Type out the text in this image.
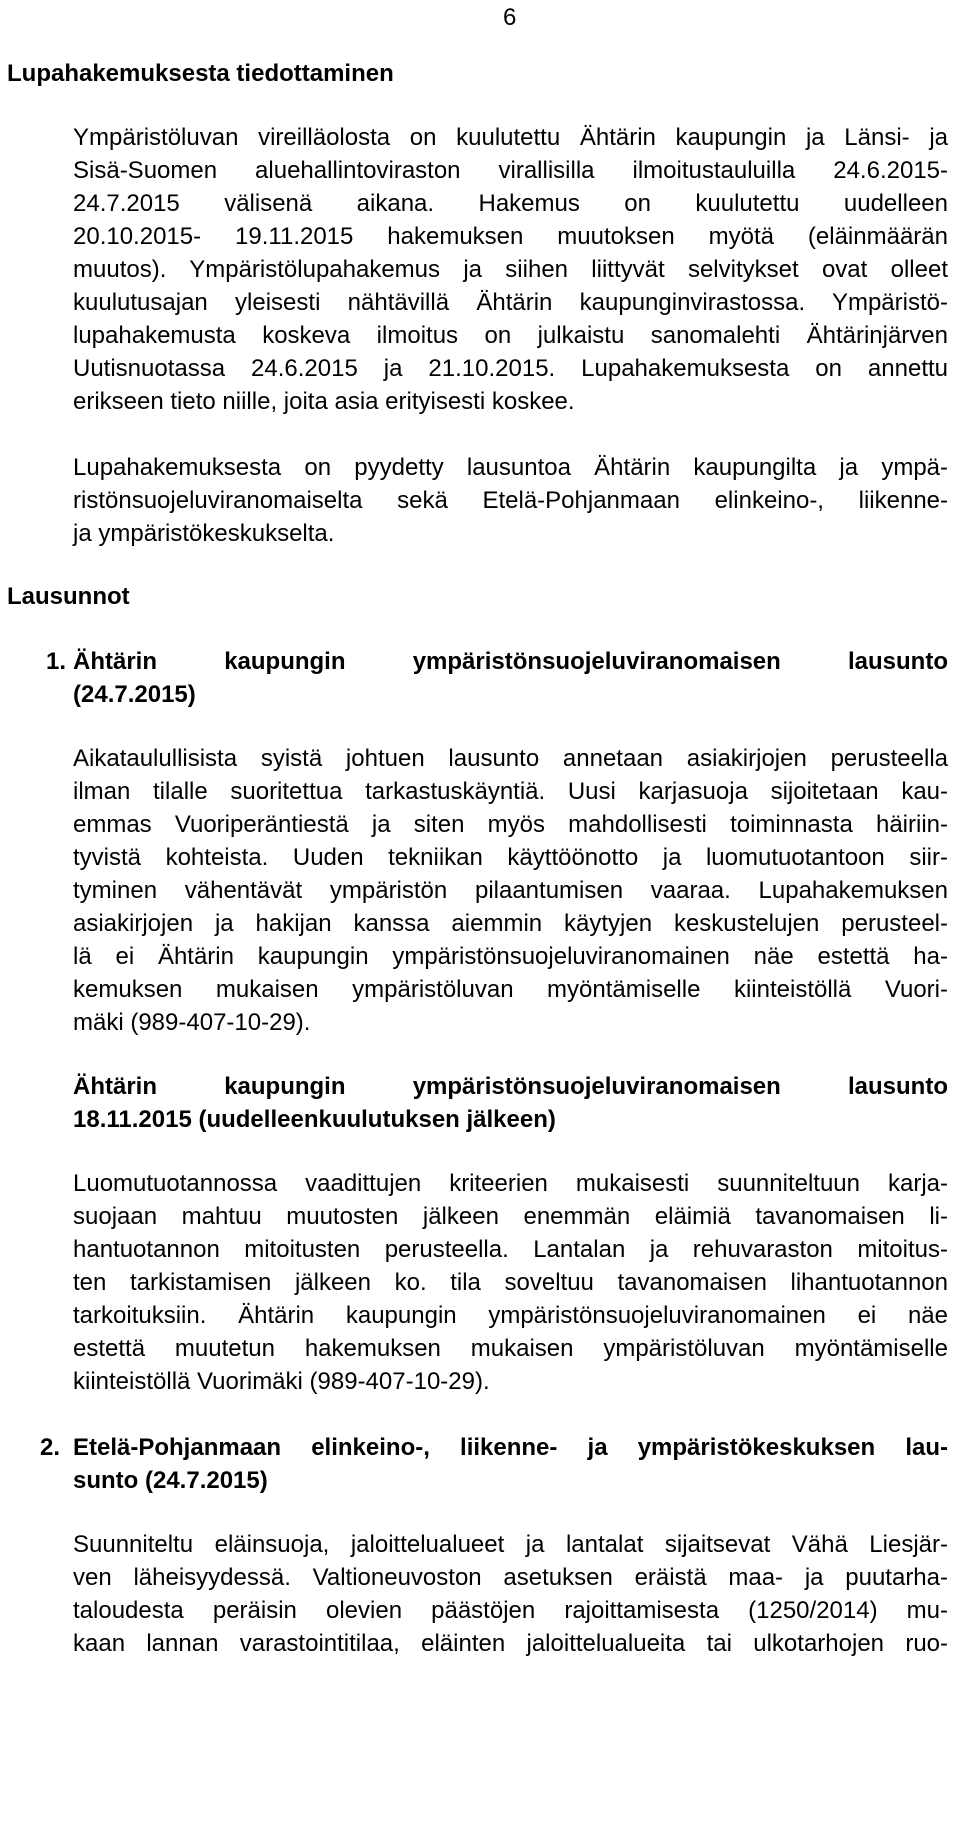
6
Lupahakemuksesta tiedottaminen
Ympäristöluvan vireilläolosta on kuulutettu Ähtärin kaupungin ja Länsi- ja
Sisä-Suomen aluehallintoviraston virallisilla ilmoitustauluilla 24.6.2015-
24.7.2015 välisenä aikana. Hakemus on kuulutettu uudelleen
20.10.2015- 19.11.2015 hakemuksen muutoksen myötä (eläinmäärän
muutos). Ympäristölupahakemus ja siihen liittyvät selvitykset ovat olleet
kuulutusajan yleisesti nähtävillä Ähtärin kaupunginvirastossa. Ympäristö-
lupahakemusta koskeva ilmoitus on julkaistu sanomalehti Ähtärinjärven
Uutisnuotassa 24.6.2015 ja 21.10.2015. Lupahakemuksesta on annettu
erikseen tieto niille, joita asia erityisesti koskee.
Lupahakemuksesta on pyydetty lausuntoa Ähtärin kaupungilta ja ympä-
ristönsuojeluviranomaiselta sekä Etelä-Pohjanmaan elinkeino-, liikenne-
ja ympäristökeskukselta.
Lausunnot
1. Ähtärin kaupungin ympäristönsuojeluviranomaisen lausunto
(24.7.2015)
Aikataulullisista syistä johtuen lausunto annetaan asiakirjojen perusteella
ilman tilalle suoritettua tarkastuskäyntiä. Uusi karjasuoja sijoitetaan kau-
emmas Vuoriperäntiestä ja siten myös mahdollisesti toiminnasta häiriin-
tyvistä kohteista. Uuden tekniikan käyttöönotto ja luomutuotantoon siir-
tyminen vähentävät ympäristön pilaantumisen vaaraa. Lupahakemuksen
asiakirjojen ja hakijan kanssa aiemmin käytyjen keskustelujen perusteel-
lä ei Ähtärin kaupungin ympäristönsuojeluviranomainen näe estettä ha-
kemuksen mukaisen ympäristöluvan myöntämiselle kiinteistöllä Vuori-
mäki (989-407-10-29).
Ähtärin kaupungin ympäristönsuojeluviranomaisen lausunto
18.11.2015 (uudelleenkuulutuksen jälkeen)
Luomutuotannossa vaadittujen kriteerien mukaisesti suunniteltuun karja-
suojaan mahtuu muutosten jälkeen enemmän eläimiä tavanomaisen li-
hantuotannon mitoitusten perusteella. Lantalan ja rehuvaraston mitoitus-
ten tarkistamisen jälkeen ko. tila soveltuu tavanomaisen lihantuotannon
tarkoituksiin. Ähtärin kaupungin ympäristönsuojeluviranomainen ei näe
estettä muutetun hakemuksen mukaisen ympäristöluvan myöntämiselle
kiinteistöllä Vuorimäki (989-407-10-29).
2. Etelä-Pohjanmaan elinkeino-, liikenne- ja ympäristökeskuksen lau-
sunto (24.7.2015)
Suunniteltu eläinsuoja, jaloittelualueet ja lantalat sijaitsevat Vähä Liesjär-
ven läheisyydessä. Valtioneuvoston asetuksen eräistä maa- ja puutarha-
taloudesta peräisin olevien päästöjen rajoittamisesta (1250/2014) mu-
kaan lannan varastointitilaa, eläinten jaloittelualueita tai ulkotarhojen ruo-
